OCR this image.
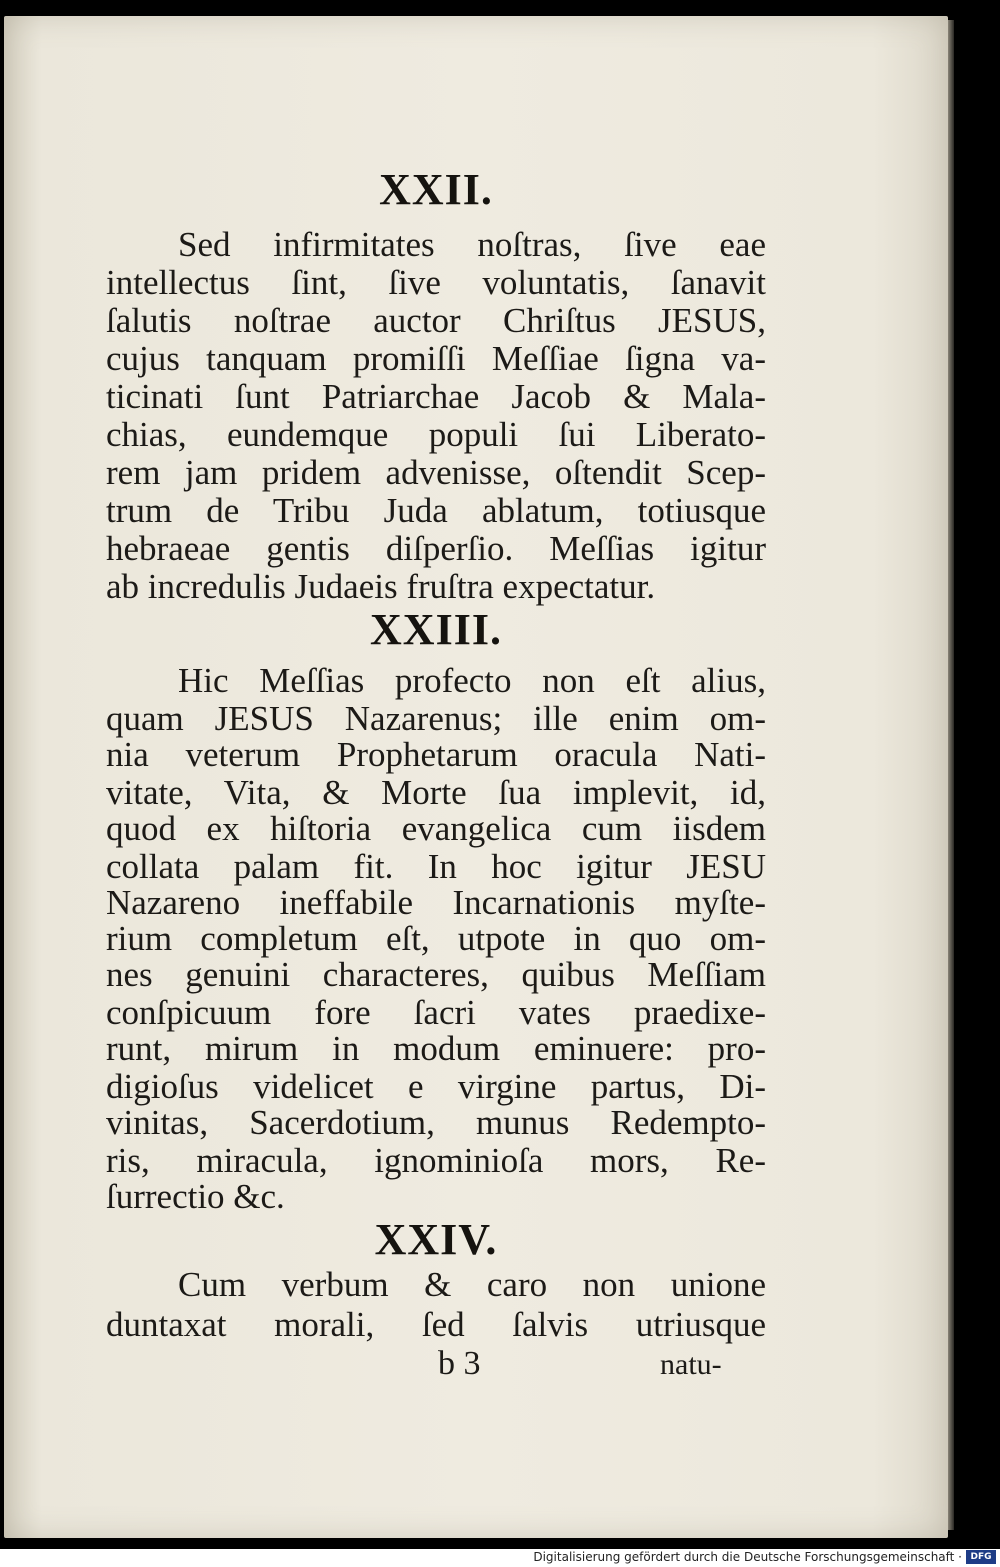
XXII.
Sed infirmitates noſtras, ſive eae
intellectus ſint, ſive voluntatis, ſanavit
ſalutis noſtrae auctor Chriſtus JESUS,
cujus tanquam promiſſi Meſſiae ſigna va-
ticinati ſunt Patriarchae Jacob & Mala-
chias, eundemque populi ſui Liberato-
rem jam pridem advenisse, oſtendit Scep-
trum de Tribu Juda ablatum, totiusque
hebraeae gentis diſperſio. Meſſias igitur
ab incredulis Judaeis fruſtra expectatur.
XXIII.
Hic Meſſias profecto non eſt alius,
quam JESUS Nazarenus; ille enim om-
nia veterum Prophetarum oracula Nati-
vitate, Vita, & Morte ſua implevit, id,
quod ex hiſtoria evangelica cum iisdem
collata palam fit. In hoc igitur JESU
Nazareno ineffabile Incarnationis myſte-
rium completum eſt, utpote in quo om-
nes genuini characteres, quibus Meſſiam
conſpicuum fore ſacri vates praedixe-
runt, mirum in modum eminuere: pro-
digioſus videlicet e virgine partus, Di-
vinitas, Sacerdotium, munus Redempto-
ris, miracula, ignominioſa mors, Re-
ſurrectio &c.
XXIV.
Cum verbum & caro non unione
duntaxat morali, ſed ſalvis utriusque
b 3	natu-
Digitalisierung gefördert durch die Deutsche Forschungsgemeinschaft · DFG
